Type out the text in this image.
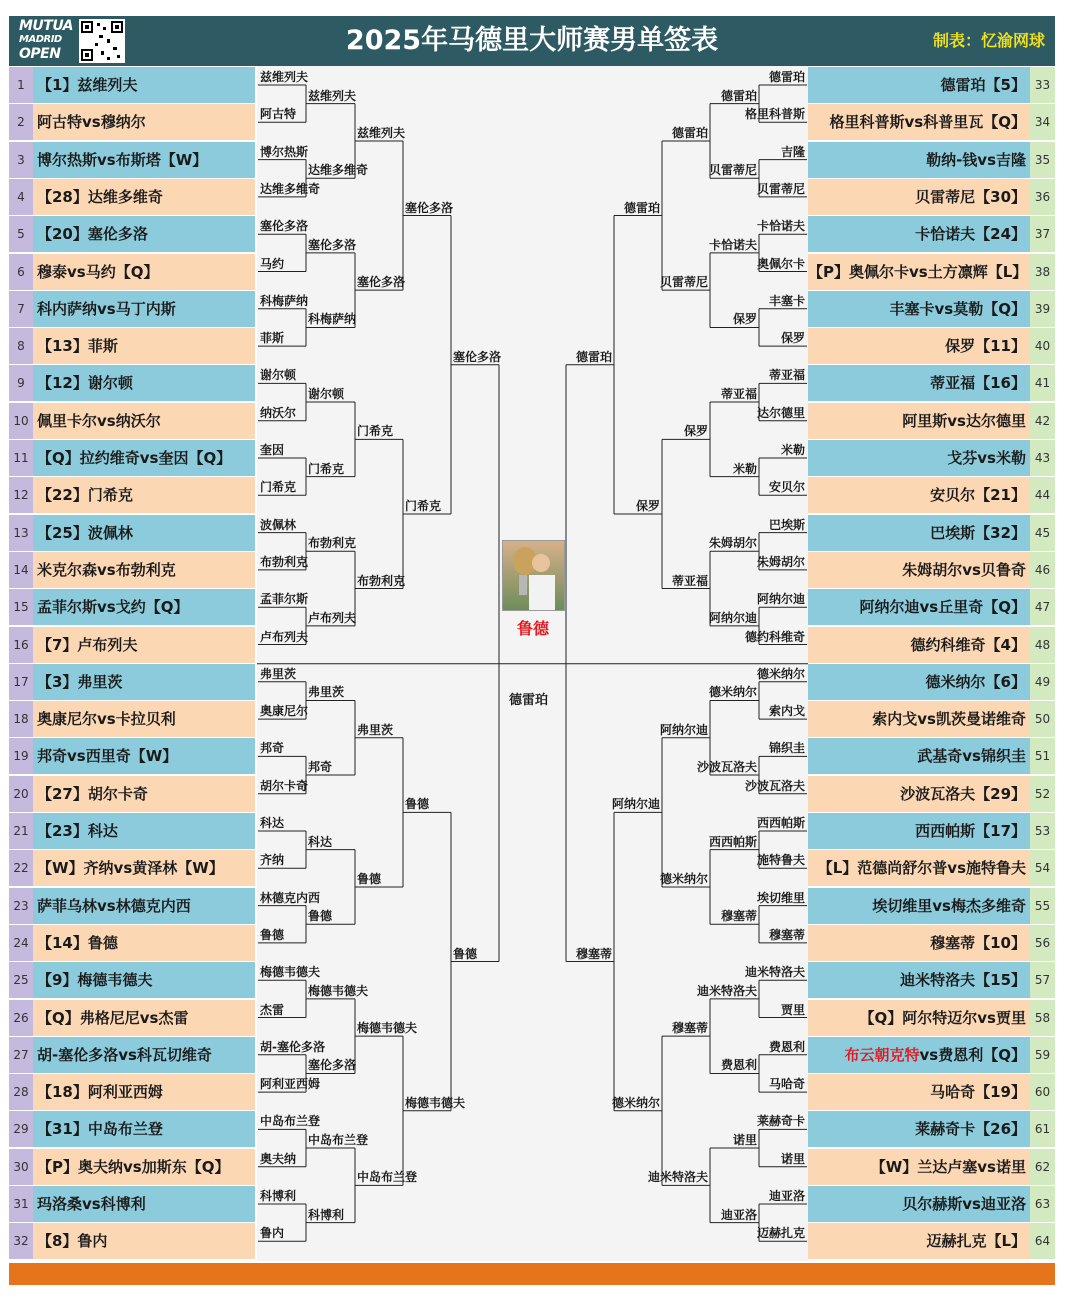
MUTUA
MADRID
OPEN	2025年马德里大师赛男单签表	制表：忆渝网球
1 【1】兹维列夫
2 阿古特vs穆纳尔
3 博尔热斯vs布斯塔【W】
4 【28】达维多维奇
5 【20】塞伦多洛
6 穆泰vs马约【Q】
7 科内萨纳vs马丁内斯
8 【13】菲斯
9 【12】谢尔顿
10 佩里卡尔vs纳沃尔
11 【Q】拉约维奇vs奎因【Q】
12 【22】门希克
13 【25】波佩林
14 米克尔森vs布勃利克
15 孟菲尔斯vs戈约【Q】
16 【7】卢布列夫
17 【3】弗里茨
18 奥康尼尔vs卡拉贝利
19 邦奇vs西里奇【W】
20 【27】胡尔卡奇
21 【23】科达
22 【W】齐纳vs黄泽林【W】
23 萨菲乌林vs林德克内西
24 【14】鲁德
25 【9】梅德韦德夫
26 【Q】弗格尼尼vs杰雷
27 胡-塞伦多洛vs科瓦切维奇
28 【18】阿利亚西姆
29 【31】中岛布兰登
30 【P】奥夫纳vs加斯东【Q】
31 玛洛桑vs科博利
32 【8】鲁内
德雷珀【5】 33
格里科普斯vs科普里瓦【Q】 34
勒纳-钱vs吉隆 35
贝雷蒂尼【30】 36
卡恰诺夫【24】 37
【P】奥佩尔卡vs土方凛辉【L】 38
丰塞卡vs莫勒【Q】 39
保罗【11】 40
蒂亚福【16】 41
阿里斯vs达尔德里 42
戈芬vs米勒 43
安贝尔【21】 44
巴埃斯【32】 45
朱姆胡尔vs贝鲁奇 46
阿纳尔迪vs丘里奇【Q】 47
德约科维奇【4】 48
德米纳尔【6】 49
索内戈vs凯茨曼诺维奇 50
武基奇vs锦织圭 51
沙波瓦洛夫【29】 52
西西帕斯【17】 53
【L】范德尚舒尔普vs施特鲁夫 54
埃切维里vs梅杰多维奇 55
穆塞蒂【10】 56
迪米特洛夫【15】 57
【Q】阿尔特迈尔vs贾里 58
布云朝克特vs费恩利【Q】 59
马哈奇【19】 60
莱赫奇卡【26】 61
【W】兰达卢塞vs诺里 62
贝尔赫斯vs迪亚洛 63
迈赫扎克【L】 64
兹维列夫
阿古特
博尔热斯
达维多维奇
塞伦多洛
马约
科梅萨纳
菲斯
谢尔顿
纳沃尔
奎因
门希克
波佩林
布勃利克
孟菲尔斯
卢布列夫
弗里茨
奥康尼尔
邦奇
胡尔卡奇
科达
齐纳
林德克内西
鲁德
梅德韦德夫
杰雷
胡-塞伦多洛
阿利亚西姆
中岛布兰登
奥夫纳
科博利
鲁内
兹维列夫
达维多维奇
塞伦多洛
科梅萨纳
谢尔顿
门希克
布勃利克
卢布列夫
弗里茨
邦奇
科达
鲁德
梅德韦德夫
塞伦多洛
中岛布兰登
科博利
兹维列夫
塞伦多洛
门希克
布勃利克
弗里茨
鲁德
梅德韦德夫
中岛布兰登
塞伦多洛
门希克
鲁德
梅德韦德夫
塞伦多洛
鲁德
德雷珀
格里科普斯
吉隆
贝雷蒂尼
卡恰诺夫
奥佩尔卡
丰塞卡
保罗
蒂亚福
达尔德里
米勒
安贝尔
巴埃斯
朱姆胡尔
阿纳尔迪
德约科维奇
德米纳尔
索内戈
锦织圭
沙波瓦洛夫
西西帕斯
施特鲁夫
埃切维里
穆塞蒂
迪米特洛夫
贾里
费恩利
马哈奇
莱赫奇卡
诺里
迪亚洛
迈赫扎克
德雷珀
贝雷蒂尼
卡恰诺夫
保罗
蒂亚福
米勒
朱姆胡尔
阿纳尔迪
德米纳尔
沙波瓦洛夫
西西帕斯
穆塞蒂
迪米特洛夫
费恩利
诺里
迪亚洛
德雷珀
贝雷蒂尼
保罗
蒂亚福
阿纳尔迪
德米纳尔
穆塞蒂
迪米特洛夫
德雷珀
保罗
阿纳尔迪
德米纳尔
德雷珀
穆塞蒂
德雷珀
鲁德
